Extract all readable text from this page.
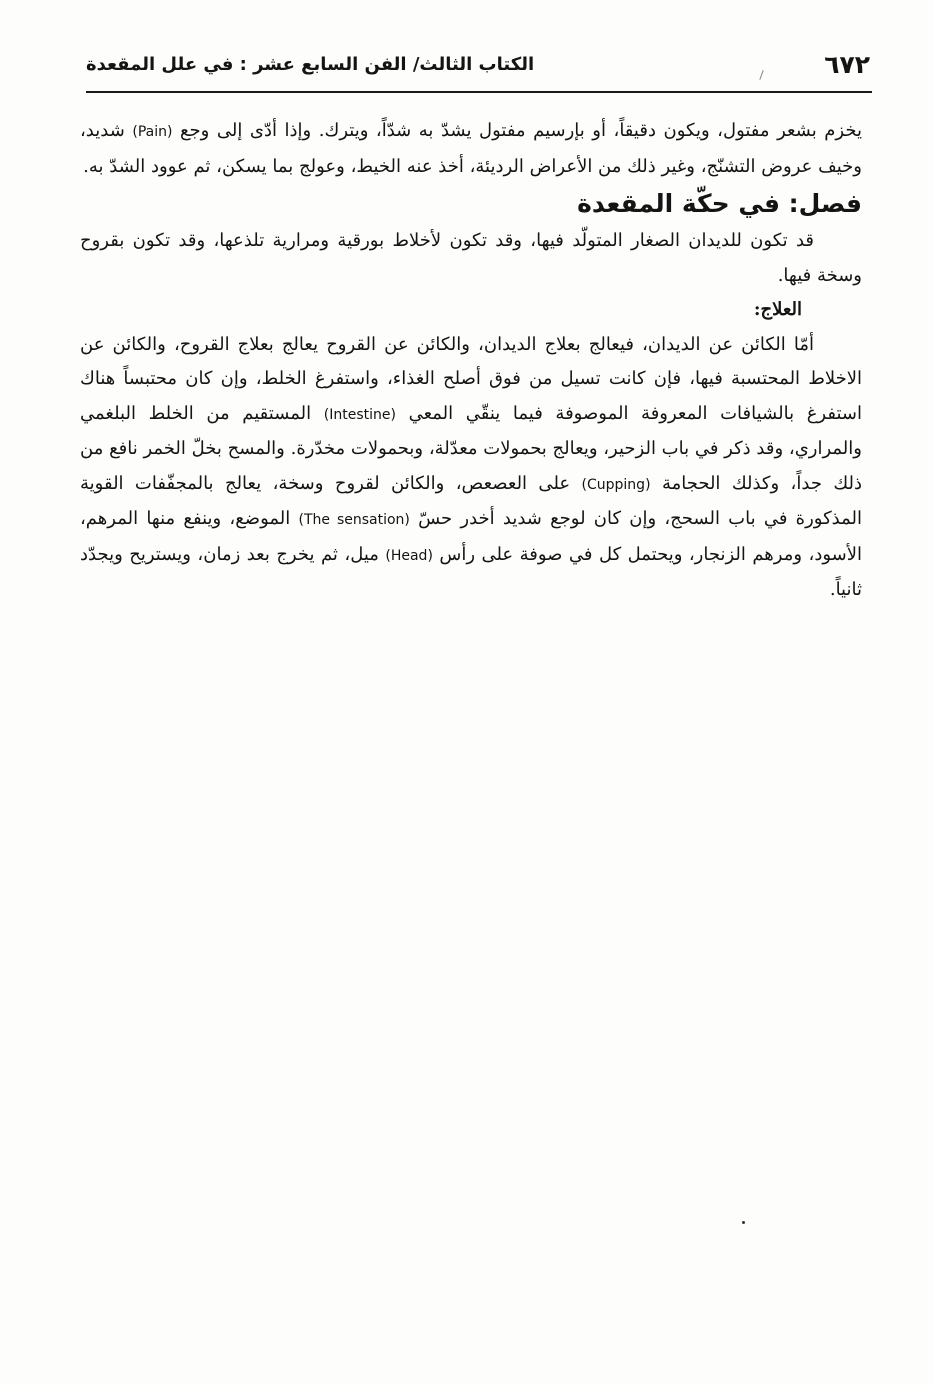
٦٧٢
الكتاب الثالث/ الفن السابع عشر : في علل المقعدة

يخزم بشعر مفتول، ويكون دقيقاً، أو بإرسيم مفتول يشدّ به شدّاً، ويترك. وإذا أدّى إلى وجع (Pain) شديد، وخيف عروض التشنّج، وغير ذلك من الأعراض الرديئة، أخذ عنه الخيط، وعولج بما يسكن، ثم عوود الشدّ به.

فصل: في حكّة المقعدة

قد تكون للديدان الصغار المتولّد فيها، وقد تكون لأخلاط بورقية ومرارية تلذعها، وقد تكون بقروح وسخة فيها.

العلاج:

أمّا الكائن عن الديدان، فيعالج بعلاج الديدان، والكائن عن القروح يعالج بعلاج القروح، والكائن عن الاخلاط المحتسبة فيها، فإن كانت تسيل من فوق أصلح الغذاء، واستفرغ الخلط، وإن كان محتبساً هناك استفرغ بالشيافات المعروفة الموصوفة فيما ينقّي المعي (Intestine) المستقيم من الخلط البلغمي والمراري، وقد ذكر في باب الزحير، ويعالج بحمولات معدّلة، وبحمولات مخدّرة. والمسح بخلّ الخمر نافع من ذلك جداً، وكذلك الحجامة (Cupping) على العصعص، والكائن لقروح وسخة، يعالج بالمجفّفات القوية المذكورة في باب السحج، وإن كان لوجع شديد أخدر حسّ (The sensation) الموضع، وينفع منها المرهم، الأسود، ومرهم الزنجار، ويحتمل كل في صوفة على رأس (Head) ميل، ثم يخرج بعد زمان، ويستريح ويجدّد ثانياً.
